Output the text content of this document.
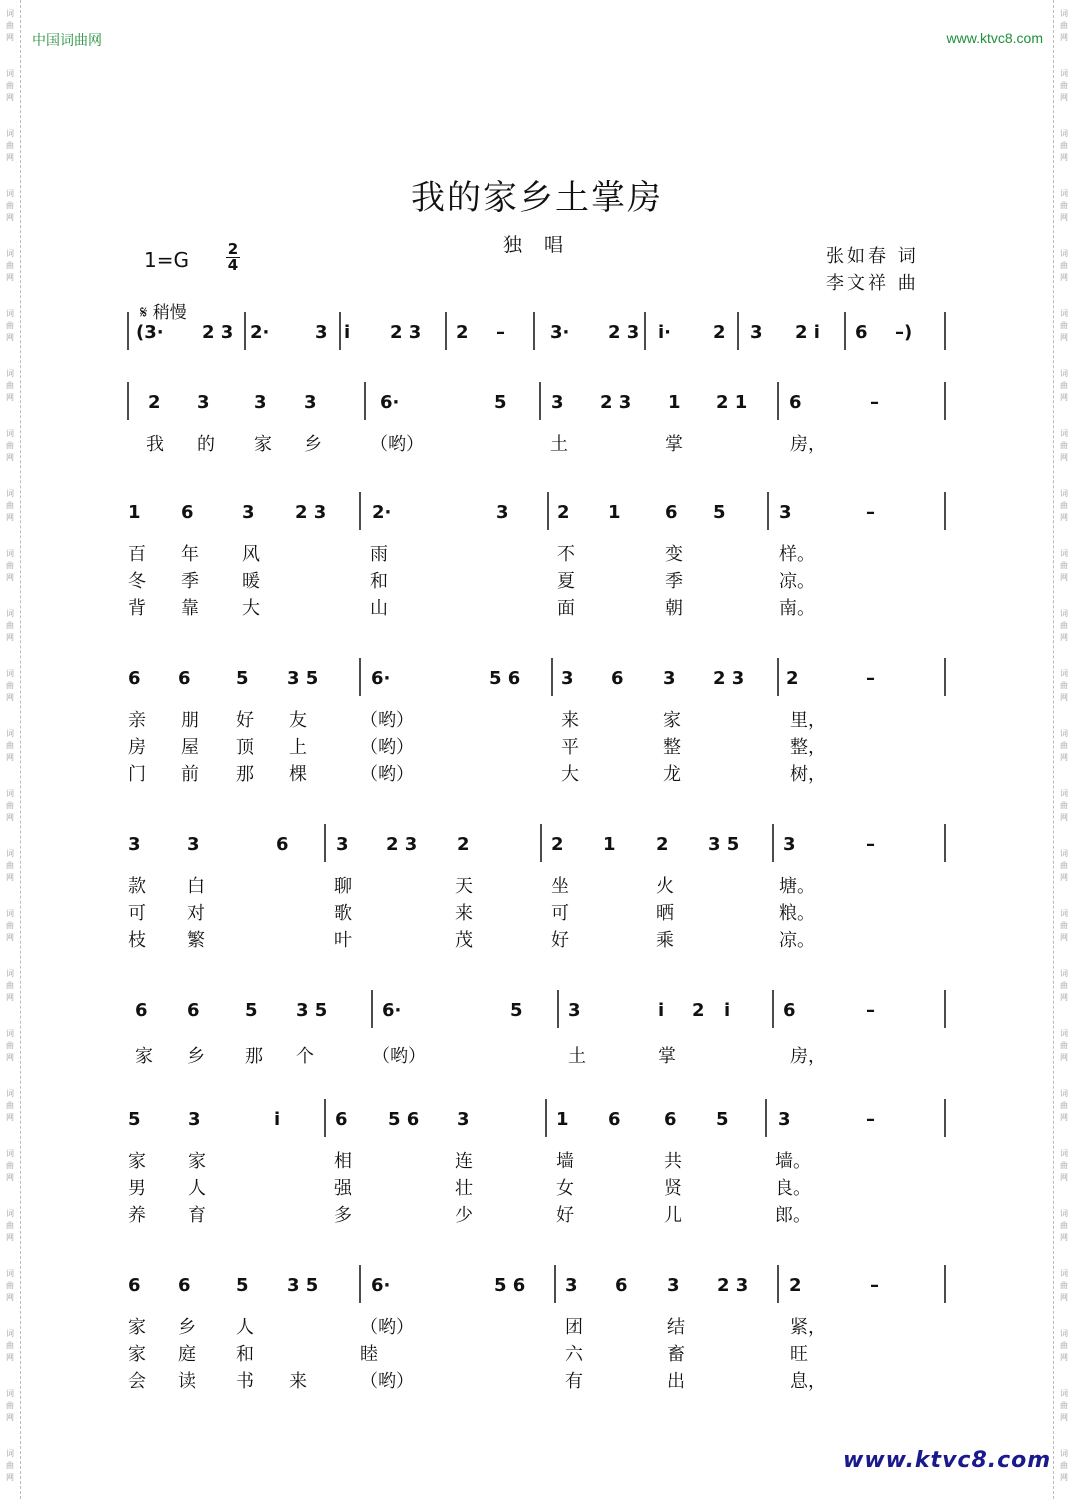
词
曲
网
词
曲
网
词
曲
网
词
曲
网
词
曲
网
词
曲
网
词
曲
网
词
曲
网
词
曲
网
词
曲
网
词
曲
网
词
曲
网
词
曲
网
词
曲
网
词
曲
网
词
曲
网
词
曲
网
词
曲
网
词
曲
网
词
曲
网
词
曲
网
词
曲
网
词
曲
网
词
曲
网
词
曲
网
词
曲
网
词
曲
网
词
曲
网
词
曲
网
词
曲
网
词
曲
网
词
曲
网
词
曲
网
词
曲
网
词
曲
网
词
曲
网
词
曲
网
词
曲
网
词
曲
网
词
曲
网
词
曲
网
词
曲
网
词
曲
网
词
曲
网
词
曲
网
词
曲
网
词
曲
网
词
曲
网
词
曲
网
词
曲
网
中国词曲网	www.ktvc8.com
我的家乡土掌房
独 唱
张如春 词
李文祥 曲
1=G	2
4
𝄋 稍慢
(3· 2 3 2·	3 i 2 3 2 –	3· 2 3 i· 2 3 2 i 6 –)
2 3 3 3	6·	5 3 2 3 1 2 1 6	–
我 的 家 乡	（哟）	土	掌	房，
1 6	3 2 3	2·	3	2 1 6 5	3	–
百 年 风	雨	不	变	样。
冬 季 暖	和	夏	季	凉。
背 靠 大	山	面	朝	南。
6 6	5 3 5	6·	5 6 3 6 3 2 3 2	–
亲 朋 好 友	（哟）	来	家	里，
房 屋 顶 上	（哟）	平	整	整，
门 前 那 棵	（哟）	大	龙	树，
3	3	6	3 2 3 2	2 1 2 3 5 3	–
款 白	聊	天	坐	火	塘。
可 对	歌	来	可	晒	粮。
枝 繁	叶	茂	好	乘	凉。
6 6	5 3 5	6·	5	3	i 2 i	6	–
家 乡 那 个	（哟）	土	掌	房，
5	3	i	6 5 6 3	1 6 6 5	3	–
家 家	相	连	墙	共	墙。
男 人	强	壮	女	贤	良。
养 育	多	少	好	儿	郎。
6 6	5 3 5	6·	5 6 3 6 3 2 3 2	–
家 乡 人	（哟）	团	结	紧，
家 庭 和	睦	六	畜	旺
会 读 书 来	（哟）	有	出	息，
www.ktvc8.com
